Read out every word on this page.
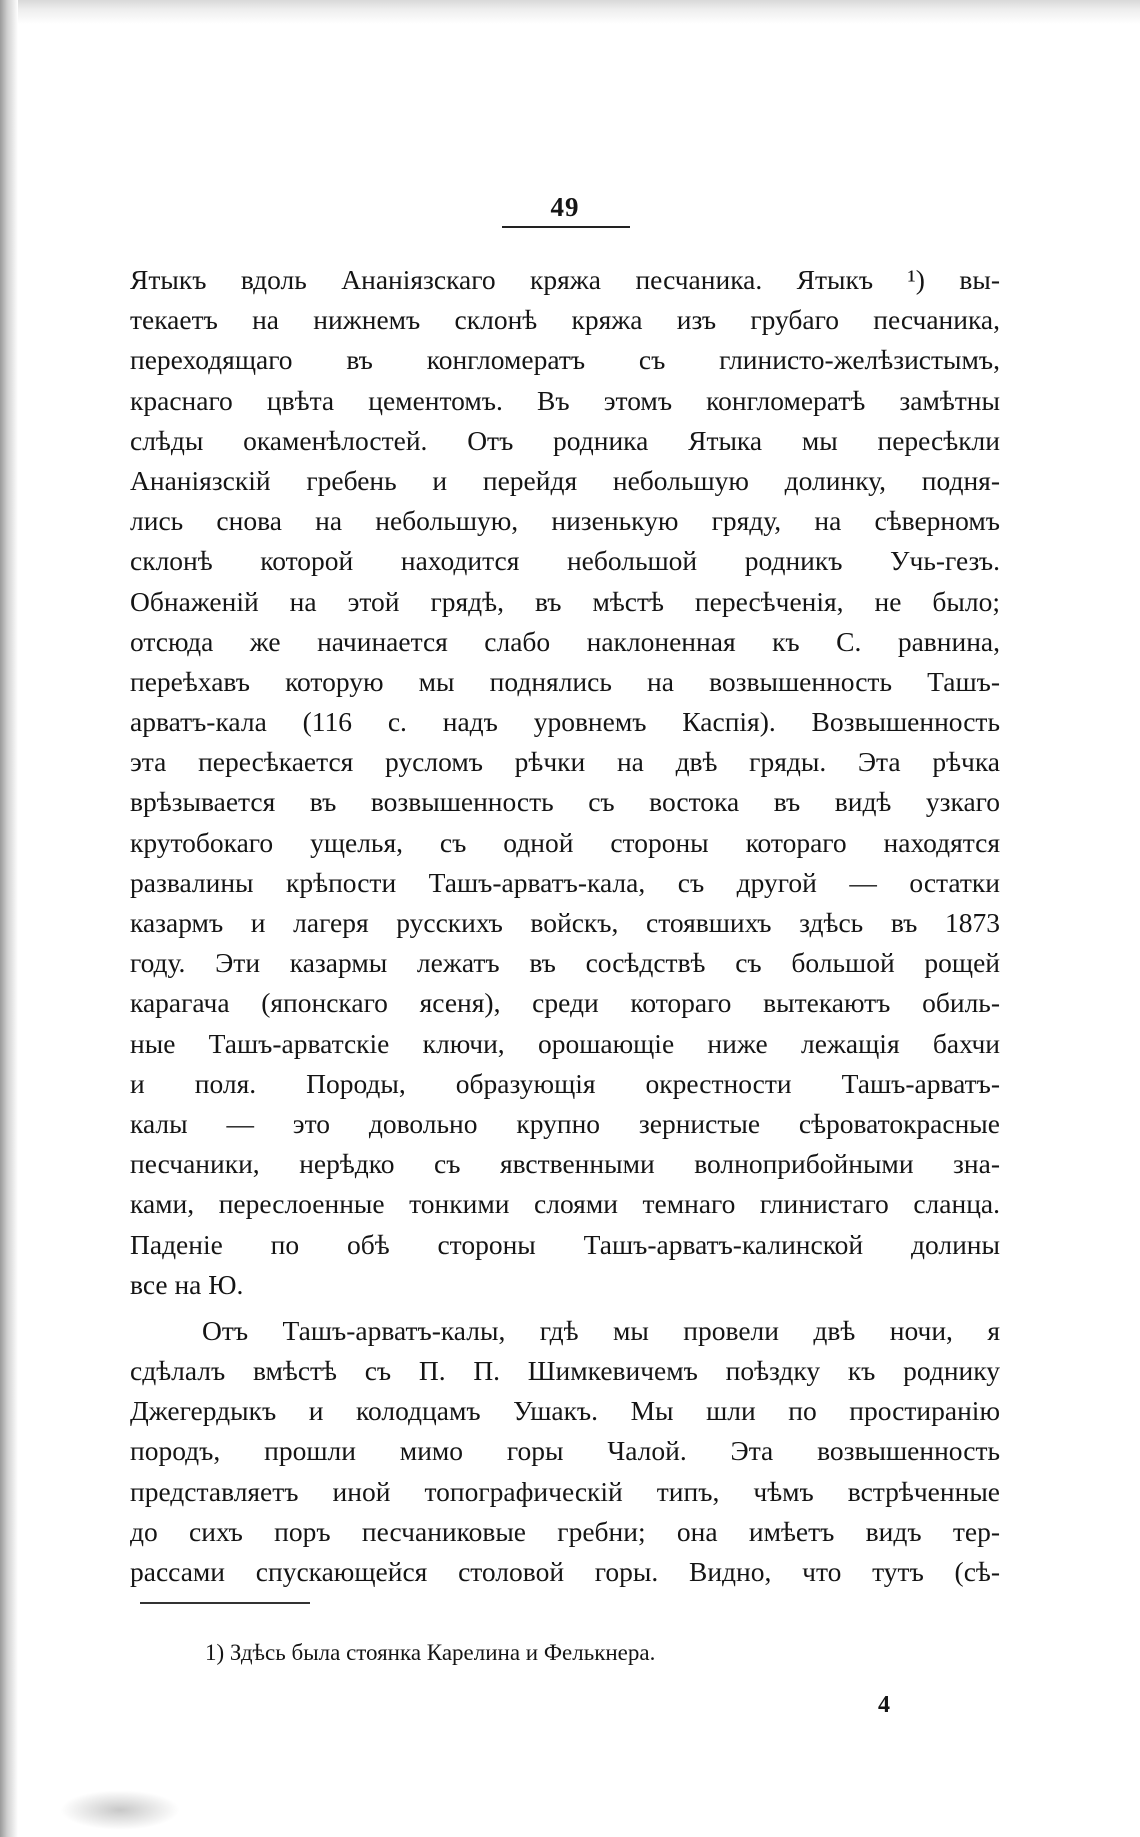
49
Ятыкъ вдоль Ананіязскаго кряжа песчаника. Ятыкъ ¹) вы-
текаетъ на нижнемъ склонѣ кряжа изъ грубаго песчаника,
переходящаго въ конгломератъ съ глинисто-желѣзистымъ,
краснаго цвѣта цементомъ. Въ этомъ конгломератѣ замѣтны
слѣды окаменѣлостей. Отъ родника Ятыка мы пересѣкли
Ананіязскій гребень и перейдя небольшую долинку, подня-
лись снова на небольшую, низенькую гряду, на сѣверномъ
склонѣ которой находится небольшой родникъ Учь-гезъ.
Обнаженій на этой грядѣ, въ мѣстѣ пересѣченія, не было;
отсюда же начинается слабо наклоненная къ С. равнина,
переѣхавъ которую мы поднялись на возвышенность Ташъ-
арватъ-кала (116 с. надъ уровнемъ Каспія). Возвышенность
эта пересѣкается русломъ рѣчки на двѣ гряды. Эта рѣчка
врѣзывается въ возвышенность съ востока въ видѣ узкаго
крутобокаго ущелья, съ одной стороны котораго находятся
развалины крѣпости Ташъ-арватъ-кала, съ другой — остатки
казармъ и лагеря русскихъ войскъ, стоявшихъ здѣсь въ 1873
году. Эти казармы лежатъ въ сосѣдствѣ съ большой рощей
карагача (японскаго ясеня), среди котораго вытекаютъ обиль-
ные Ташъ-арватскіе ключи, орошающіе ниже лежащія бахчи
и поля. Породы, образующія окрестности Ташъ-арватъ-
калы — это довольно крупно зернистые сѣроватокрасные
песчаники, нерѣдко съ явственными волноприбойными зна-
ками, переслоенные тонкими слоями темнаго глинистаго сланца.
Паденіе по обѣ стороны Ташъ-арватъ-калинской долины
все на Ю.
Отъ Ташъ-арватъ-калы, гдѣ мы провели двѣ ночи, я
сдѣлалъ вмѣстѣ съ П. П. Шимкевичемъ поѣздку къ роднику
Джегердыкъ и колодцамъ Ушакъ. Мы шли по простиранію
породъ, прошли мимо горы Чалой. Эта возвышенность
представляетъ иной топографическій типъ, чѣмъ встрѣченные
до сихъ поръ песчаниковые гребни; она имѣетъ видъ тер-
рассами спускающейся столовой горы. Видно, что тутъ (сѣ-
1) Здѣсь была стоянка Карелина и Фелькнера.
4
